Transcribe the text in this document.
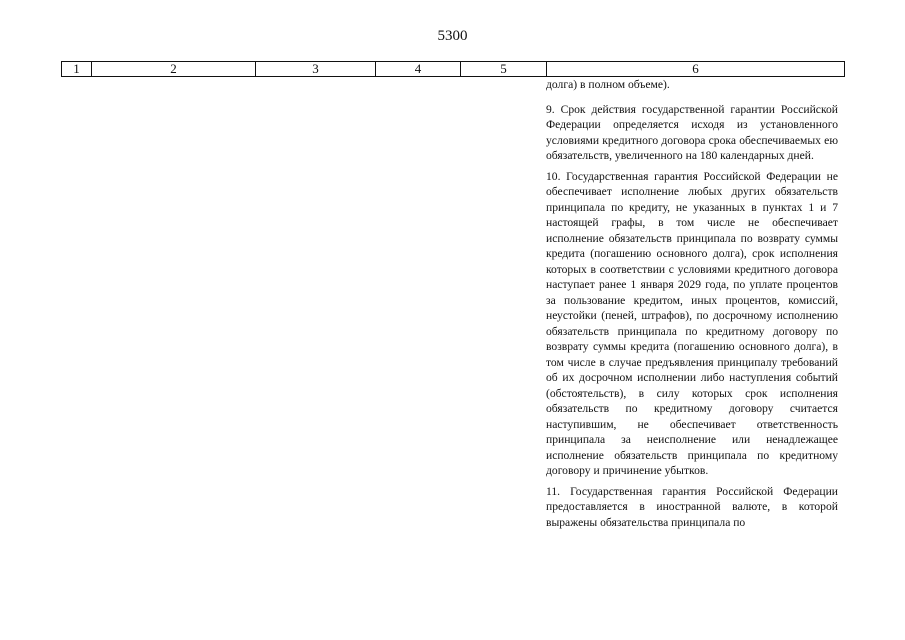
5300
1	2	3	4	5	6

долга) в полном объеме).

9. Срок действия государственной гарантии Российской Федерации определяется исходя из установленного условиями кредитного договора срока обеспечиваемых ею обязательств, увеличенного на 180 календарных дней.

10. Государственная гарантия Российской Федерации не обеспечивает исполнение любых других обязательств принципала по кредиту, не указанных в пунктах 1 и 7 настоящей графы, в том числе не обеспечивает исполнение обязательств принципала по возврату суммы кредита (погашению основного долга), срок исполнения которых в соответствии с условиями кредитного договора наступает ранее 1 января 2029 года, по уплате процентов за пользование кредитом, иных процентов, комиссий, неустойки (пеней, штрафов), по досрочному исполнению обязательств принципала по кредитному договору по возврату суммы кредита (погашению основного долга), в том числе в случае предъявления принципалу требований об их досрочном исполнении либо наступления событий (обстоятельств), в силу которых срок исполнения обязательств по кредитному договору считается наступившим, не обеспечивает ответственность принципала за неисполнение или ненадлежащее исполнение обязательств принципала по кредитному договору и причинение убытков.

11. Государственная гарантия Российской Федерации предоставляется в иностранной валюте, в которой выражены обязательства принципала по
